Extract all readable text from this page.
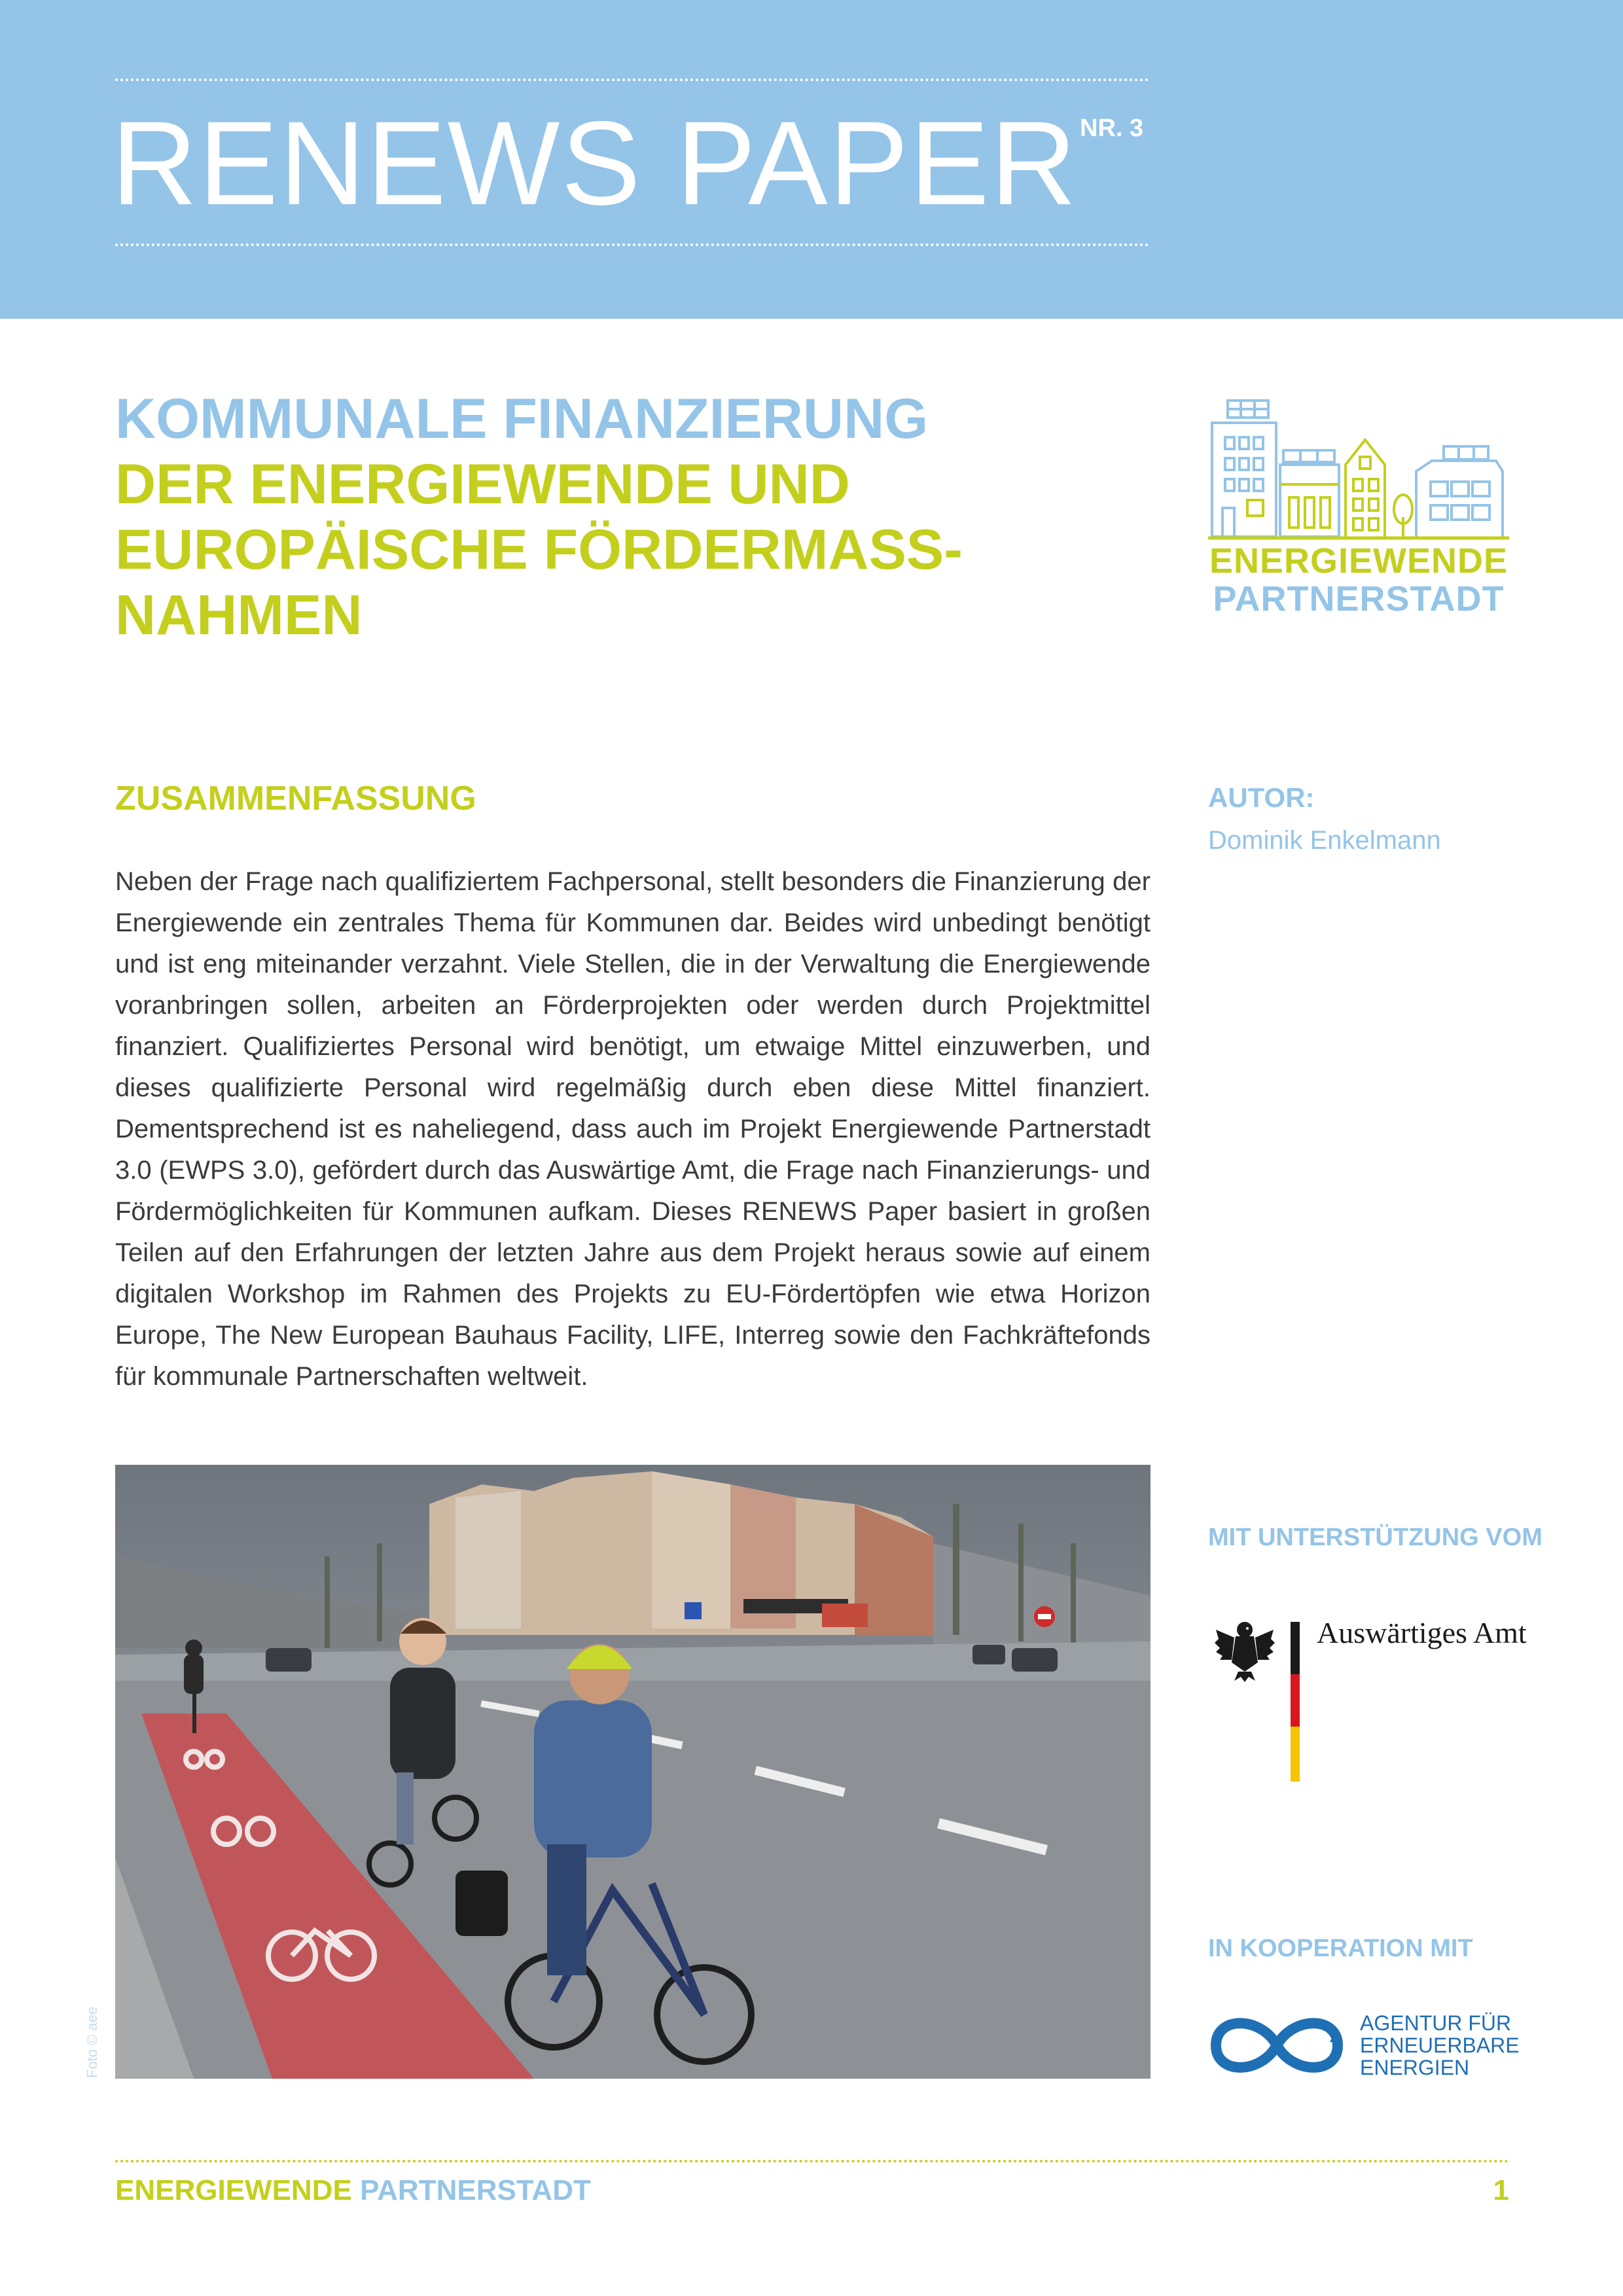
RENEWS PAPER NR. 3
KOMMUNALE FINANZIERUNG
DER ENERGIEWENDE UND
EUROPÄISCHE FÖRDERMASS-
NAHMEN
ENERGIEWENDE
PARTNERSTADT
ZUSAMMENFASSUNG

Neben der Frage nach qualifiziertem Fachpersonal, stellt besonders die Finanzierung der Energiewende ein zentrales Thema für Kommunen dar. Beides wird unbedingt benötigt und ist eng miteinander verzahnt. Viele Stellen, die in der Verwaltung die Energiewende voranbringen sollen, arbeiten an Förderprojekten oder werden durch Projektmittel finanziert. Qualifiziertes Personal wird benötigt, um etwaige Mittel einzuwerben, und dieses qualifizierte Personal wird regelmäßig durch eben diese Mittel finanziert. Dementsprechend ist es naheliegend, dass auch im Projekt Energiewende Partnerstadt 3.0 (EWPS 3.0), gefördert durch das Auswärtige Amt, die Frage nach Finanzierungs- und Fördermöglichkeiten für Kommunen aufkam. Dieses RENEWS Paper basiert in großen Teilen auf den Erfahrungen der letzten Jahre aus dem Projekt heraus sowie auf einem digitalen Workshop im Rahmen des Projekts zu EU-Fördertöpfen wie etwa Horizon Europe, The New European Bauhaus Facility, LIFE, Interreg sowie den Fachkräftefonds für kommunale Partnerschaften weltweit.

AUTOR:
Dominik Enkelmann
Foto © aee
MIT UNTERSTÜTZUNG VOM
Auswärtiges Amt
IN KOOPERATION MIT
AGENTUR FÜR
ERNEUERBARE
ENERGIEN
ENERGIEWENDE PARTNERSTADT	1
